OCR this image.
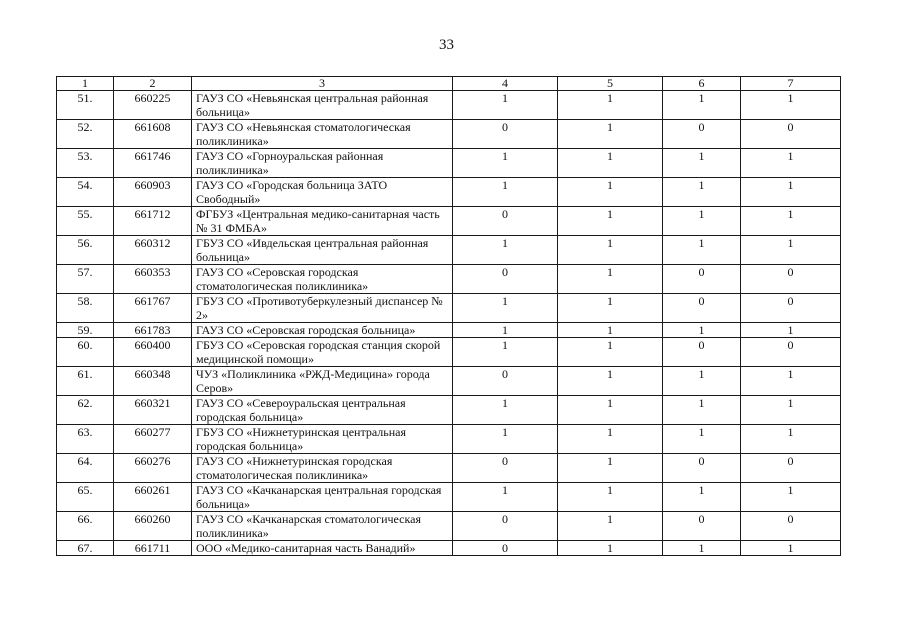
33
1	2	3	4	5	6	7
51.	660225	ГАУЗ СО «Невьянская центральная районная больница»	1	1	1	1
52.	661608	ГАУЗ СО «Невьянская стоматологическая поликлиника»	0	1	0	0
53.	661746	ГАУЗ СО «Горноуральская районная поликлиника»	1	1	1	1
54.	660903	ГАУЗ СО «Городская больница ЗАТО Свободный»	1	1	1	1
55.	661712	ФГБУЗ «Центральная медико-санитарная часть № 31 ФМБА»	0	1	1	1
56.	660312	ГБУЗ СО «Ивдельская центральная районная больница»	1	1	1	1
57.	660353	ГАУЗ СО «Серовская городская стоматологическая поликлиника»	0	1	0	0
58.	661767	ГБУЗ СО «Противотуберкулезный диспансер № 2»	1	1	0	0
59.	661783	ГАУЗ СО «Серовская городская больница»	1	1	1	1
60.	660400	ГБУЗ СО «Серовская городская станция скорой медицинской помощи»	1	1	0	0
61.	660348	ЧУЗ «Поликлиника «РЖД-Медицина» города Серов»	0	1	1	1
62.	660321	ГАУЗ СО «Североуральская центральная городская больница»	1	1	1	1
63.	660277	ГБУЗ СО «Нижнетуринская центральная городская больница»	1	1	1	1
64.	660276	ГАУЗ СО «Нижнетуринская городская стоматологическая поликлиника»	0	1	0	0
65.	660261	ГАУЗ СО «Качканарская центральная городская больница»	1	1	1	1
66.	660260	ГАУЗ СО «Качканарская стоматологическая поликлиника»	0	1	0	0
67.	661711	ООО «Медико-санитарная часть Ванадий»	0	1	1	1
